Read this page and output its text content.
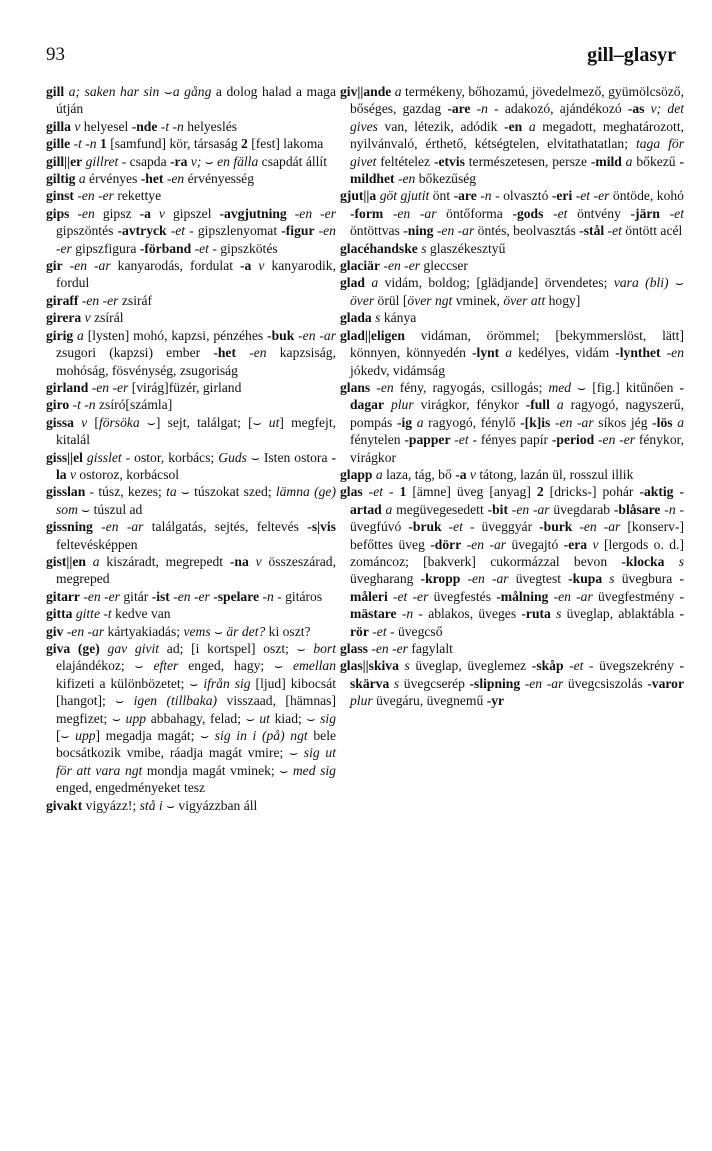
93	gill–glasyr

gill a; saken har sin ⌣a gång a dolog halad a maga útján

gilla v helyesel -nde -t -n helyeslés

gille -t -n 1 [samfund] kör, társaság 2 [fest] lakoma

gill||er gillret - csapda -ra v; ⌣ en fälla csapdát állít

giltig a érvényes -het -en érvényesség

ginst -en -er rekettye

gips -en gipsz -a v gipszel -avgjutning -en -er gipszöntés -avtryck -et - gipszlenyomat -figur -en -er gipszfigura -förband -et - gipszkötés

gir -en -ar kanyarodás, fordulat -a v kanyarodik, fordul

giraff -en -er zsiráf

girera v zsírál

girig a [lysten] mohó, kapzsi, pénzéhes -buk -en -ar zsugori (kapzsi) ember -het -en kapzsiság, mohóság, fösvénység, zsugoriság

girland -en -er [virág]füzér, girland

giro -t -n zsíró[számla]

gissa v [försöka ⌣] sejt, találgat; [⌣ ut] megfejt, kitalál

giss||el gisslet - ostor, korbács; Guds ⌣ Isten ostora -la v ostoroz, korbácsol

gisslan - túsz, kezes; ta ⌣ túszokat szed; lämna (ge) som ⌣ túszul ad

gissning -en -ar találgatás, sejtés, feltevés -s|vis feltevésképpen

gist||en a kiszáradt, megrepedt -na v összeszárad, megreped

gitarr -en -er gitár -ist -en -er -spelare -n - gitáros

gitta gitte -t kedve van

giv -en -ar kártyakiadás; vems ⌣ är det? ki oszt?

giva (ge) gav givit ad; [i kortspel] oszt; ⌣ bort elajándékoz; ⌣ efter enged, hagy; ⌣ emellan kifizeti a különbözetet; ⌣ ifrån sig [ljud] kibocsát [hangot]; ⌣ igen (tillbaka) visszaad, [hämnas] megfizet; ⌣ upp abbahagy, felad; ⌣ ut kiad; ⌣ sig [⌣ upp] megadja magát; ⌣ sig in i (på) ngt bele bocsátkozik vmibe, ráadja magát vmire; ⌣ sig ut för att vara ngt mondja magát vminek; ⌣ med sig enged, engedményeket tesz

givakt vigyázz!; stå i ⌣ vigyázzban áll

giv||ande a termékeny, bőhozamú, jövedelmező, gyümölcsöző, bőséges, gazdag -are -n - adakozó, ajándékozó -as v; det gives van, létezik, adódik -en a megadott, meghatározott, nyilvánvaló, érthető, kétségtelen, elvitathatatlan; taga för givet feltételez -etvis természetesen, persze -mild a bőkezű -mildhet -en bőkezűség

gjut||a göt gjutit önt -are -n - olvasztó -eri -et -er öntöde, kohó -form -en -ar öntőforma -gods -et öntvény -järn -et öntöttvas -ning -en -ar öntés, beolvasztás -stål -et öntött acél

glacéhandske s glaszékesztyű

glaciär -en -er gleccser

glad a vidám, boldog; [glädjande] örvendetes; vara (bli) ⌣ över örül [över ngt vminek, över att hogy]

glada s kánya

glad||eligen vidáman, örömmel; [bekymmerslöst, lätt] könnyen, könnyedén -lynt a kedélyes, vidám -lynthet -en jókedv, vidámság

glans -en fény, ragyogás, csillogás; med ⌣ [fig.] kitűnően -dagar plur virágkor, fénykor -full a ragyogó, nagyszerű, pompás -ig a ragyogó, fénylő -[k]is -en -ar síkos jég -lös a fénytelen -papper -et - fényes papír -period -en -er fénykor, virágkor

glapp a laza, tág, bő -a v tátong, lazán ül, rosszul illik

glas -et - 1 [ämne] üveg [anyag] 2 [dricks-] pohár -aktig -artad a megüvegesedett -bit -en -ar üvegdarab -blåsare -n - üvegfúvó -bruk -et - üveggyár -burk -en -ar [konserv-] befőttes üveg -dörr -en -ar üvegajtó -era v [lergods o. d.] zománcoz; [bakverk] cukormázzal bevon -klocka s üvegharang -kropp -en -ar üvegtest -kupa s üvegbura -måleri -et -er üvegfestés -målning -en -ar üvegfestmény -mästare -n - ablakos, üveges -ruta s üveglap, ablaktábla -rör -et - üvegcső

glass -en -er fagylalt

glas||skiva s üveglap, üveglemez -skåp -et - üvegszekrény -skärva s üvegcserép -slipning -en -ar üvegcsiszolás -varor plur üvegáru, üvegnemű -yr
